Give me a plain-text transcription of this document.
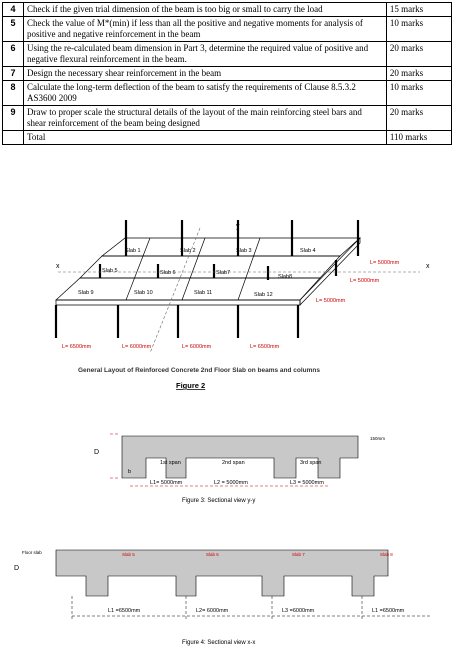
4	Check if the given trial dimension of the beam is too big or small to carry the load	15 marks
5	Check the value of M*(min) if less than all the positive and negative moments for analysis of positive and negative reinforcement in the beam	10 marks
6	Using the re-calculated beam dimension in Part 3, determine the required value of positive and negative flexural reinforcement in the beam.	20 marks
7	Design the necessary shear reinforcement in the beam	20 marks
8	Calculate the long-term deflection of the beam to satisfy the requirements of Clause 8.5.3.2 AS3600 2009	10 marks
9	Draw to proper scale the structural details of the layout of the main reinforcing steel bars and shear reinforcement of the beam being designed	20 marks
	Total	110 marks
Slab 1	Slab 2	Slab 3	Slab 4
Slab 5	Slab 6	Slab7
Slab8
Slab 9	Slab 10	Slab 11	Slab 12
y
x	x
L= 6500mm	L= 6000mm	L= 6000mm	L= 6500mm
L= 5000mm
L= 5000mm
L= 5000mm
General Layout of Reinforced Concrete 2nd Floor Slab on beams and columns
Figure 2
D
b
1st span	2nd span	3rd span
L1= 5000mm	L2 = 5000mm	L3 = 5000mm
150mm
Figure 3: Sectional view y-y
Floor slab
D
Slab 5	Slab 6	Slab 7	Slab 8
L1 =6500mm	L2= 6000mm	L3 =6000mm	L1 =6500mm
Figure 4: Sectional view x-x
